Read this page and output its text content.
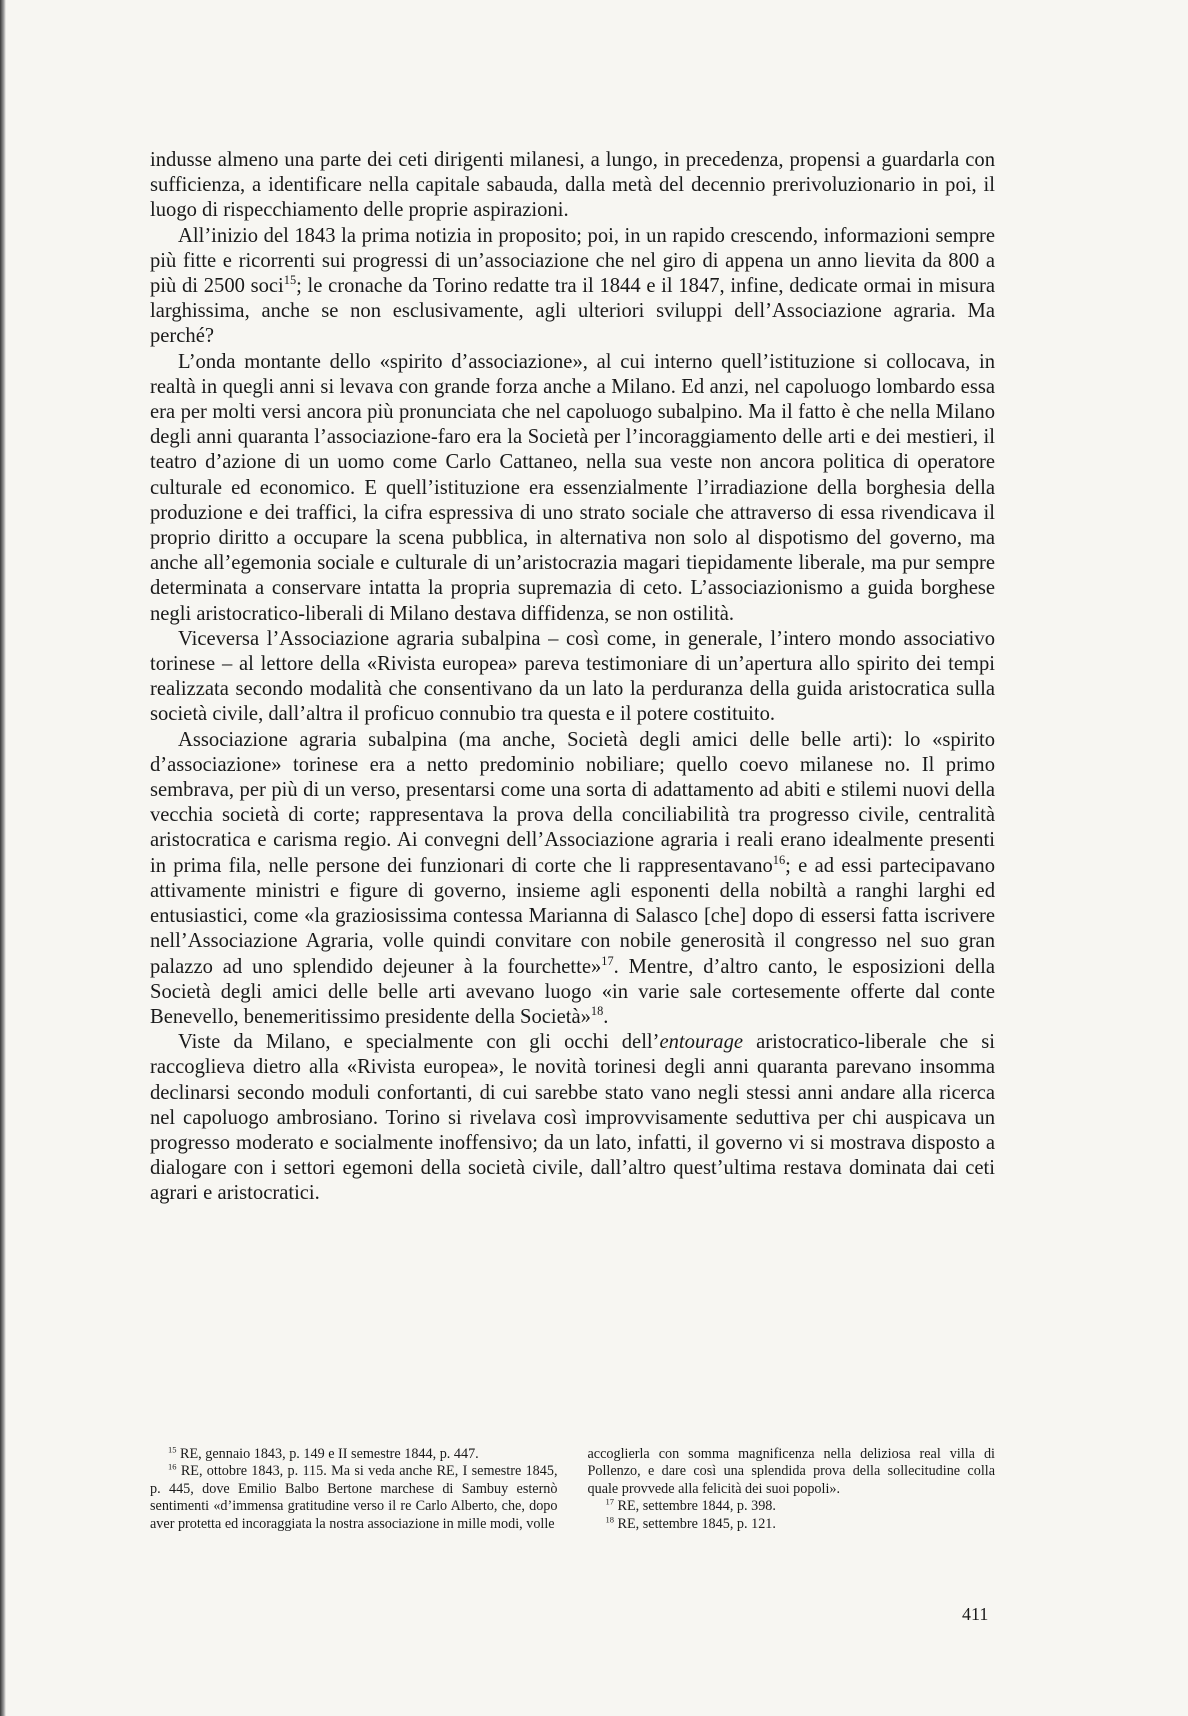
indusse almeno una parte dei ceti dirigenti milanesi, a lungo, in precedenza, propensi a guardarla con sufficienza, a identificare nella capitale sabauda, dalla metà del decennio prerivoluzionario in poi, il luogo di rispecchiamento delle proprie aspirazioni.

All’inizio del 1843 la prima notizia in proposito; poi, in un rapido crescendo, informazioni sempre più fitte e ricorrenti sui progressi di un’associazione che nel giro di appena un anno lievita da 800 a più di 2500 soci$^{15}$; le cronache da Torino redatte tra il 1844 e il 1847, infine, dedicate ormai in misura larghissima, anche se non esclusivamente, agli ulteriori sviluppi dell’Associazione agraria. Ma perché?

L’onda montante dello «spirito d’associazione», al cui interno quell’istituzione si collocava, in realtà in quegli anni si levava con grande forza anche a Milano. Ed anzi, nel capoluogo lombardo essa era per molti versi ancora più pronunciata che nel capoluogo subalpino. Ma il fatto è che nella Milano degli anni quaranta l’associazione-faro era la Società per l’incoraggiamento delle arti e dei mestieri, il teatro d’azione di un uomo come Carlo Cattaneo, nella sua veste non ancora politica di operatore culturale ed economico. E quell’istituzione era essenzialmente l’irradiazione della borghesia della produzione e dei traffici, la cifra espressiva di uno strato sociale che attraverso di essa rivendicava il proprio diritto a occupare la scena pubblica, in alternativa non solo al dispotismo del governo, ma anche all’egemonia sociale e culturale di un’aristocrazia magari tiepidamente liberale, ma pur sempre determinata a conservare intatta la propria supremazia di ceto. L’associazionismo a guida borghese negli aristocratico-liberali di Milano destava diffidenza, se non ostilità.

Viceversa l’Associazione agraria subalpina – così come, in generale, l’intero mondo associativo torinese – al lettore della «Rivista europea» pareva testimoniare di un’apertura allo spirito dei tempi realizzata secondo modalità che consentivano da un lato la perduranza della guida aristocratica sulla società civile, dall’altra il proficuo connubio tra questa e il potere costituito.

Associazione agraria subalpina (ma anche, Società degli amici delle belle arti): lo «spirito d’associazione» torinese era a netto predominio nobiliare; quello coevo milanese no. Il primo sembrava, per più di un verso, presentarsi come una sorta di adattamento ad abiti e stilemi nuovi della vecchia società di corte; rappresentava la prova della conciliabilità tra progresso civile, centralità aristocratica e carisma regio. Ai convegni dell’Associazione agraria i reali erano idealmente presenti in prima fila, nelle persone dei funzionari di corte che li rappresentavano$^{16}$; e ad essi partecipavano attivamente ministri e figure di governo, insieme agli esponenti della nobiltà a ranghi larghi ed entusiastici, come «la graziosissima contessa Marianna di Salasco [che] dopo di essersi fatta iscrivere nell’Associazione Agraria, volle quindi convitare con nobile generosità il congresso nel suo gran palazzo ad uno splendido dejeuner à la fourchette»$^{17}$. Mentre, d’altro canto, le esposizioni della Società degli amici delle belle arti avevano luogo «in varie sale cortesemente offerte dal conte Benevello, benemeritissimo presidente della Società»$^{18}$.

Viste da Milano, e specialmente con gli occhi dell’entourage aristocratico-liberale che si raccoglieva dietro alla «Rivista europea», le novità torinesi degli anni quaranta parevano insomma declinarsi secondo moduli confortanti, di cui sarebbe stato vano negli stessi anni andare alla ricerca nel capoluogo ambrosiano. Torino si rivelava così improvvisamente seduttiva per chi auspicava un progresso moderato e socialmente inoffensivo; da un lato, infatti, il governo vi si mostrava disposto a dialogare con i settori egemoni della società civile, dall’altro quest’ultima restava dominata dai ceti agrari e aristocratici.

$^{15}$ RE, gennaio 1843, p. 149 e II semestre 1844, p. 447.

$^{16}$ RE, ottobre 1843, p. 115. Ma si veda anche RE, I semestre 1845, p. 445, dove Emilio Balbo Bertone marchese di Sambuy esternò sentimenti «d’immensa gratitudine verso il re Carlo Alberto, che, dopo aver protetta ed incoraggiata la nostra associazione in mille modi, volle

accoglierla con somma magnificenza nella deliziosa real villa di Pollenzo, e dare così una splendida prova della sollecitudine colla quale provvede alla felicità dei suoi popoli».

$^{17}$ RE, settembre 1844, p. 398.

$^{18}$ RE, settembre 1845, p. 121.

411
